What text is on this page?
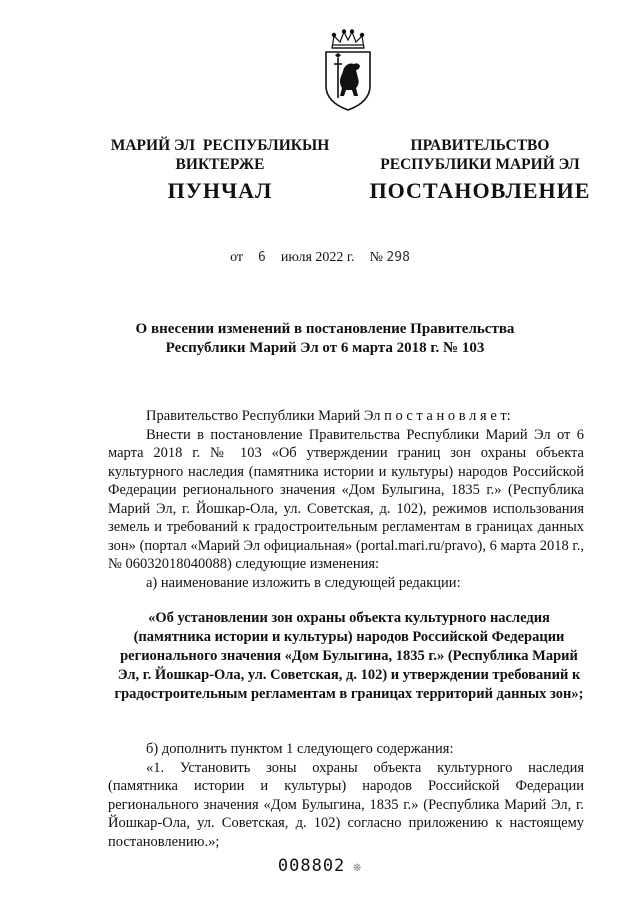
МАРИЙ ЭЛ  РЕСПУБЛИКЫН
ВИКТЕРЖЕ
ПРАВИТЕЛЬСТВО
РЕСПУБЛИКИ МАРИЙ ЭЛ
ПУНЧАЛ	ПОСТАНОВЛЕНИЕ
от 6 июля 2022 г. № 298
О внесении изменений в постановление Правительства
Республики Марий Эл от 6 марта 2018 г. № 103

Правительство Республики Марий Эл п о с т а н о в л я е т:

Внести в постановление Правительства Республики Марий Эл от 6 марта 2018 г. № 103 «Об утверждении границ зон охраны объекта культурного наследия (памятника истории и культуры) народов Российской Федерации регионального значения «Дом Булыгина, 1835 г.» (Республика Марий Эл, г. Йошкар-Ола, ул. Советская, д. 102), режимов использования земель и требований к градостроительным регламентам в границах данных зон» (портал «Марий Эл официальная» (portal.mari.ru/pravo), 6 марта 2018 г., № 06032018040088) следующие изменения:

а) наименование изложить в следующей редакции:

«Об установлении зон охраны объекта культурного наследия (памятника истории и культуры) народов Российской Федерации регионального значения «Дом Булыгина, 1835 г.» (Республика Марий Эл, г. Йошкар-Ола, ул. Советская, д. 102) и утверждении требований к градостроительным регламентам в границах территорий данных зон»;

б) дополнить пунктом 1 следующего содержания:

«1. Установить зоны охраны объекта культурного наследия (памятника истории и культуры) народов Российской Федерации регионального значения «Дом Булыгина, 1835 г.» (Республика Марий Эл, г. Йошкар-Ола, ул. Советская, д. 102) согласно приложению к настоящему постановлению.»;

008802 ❊
